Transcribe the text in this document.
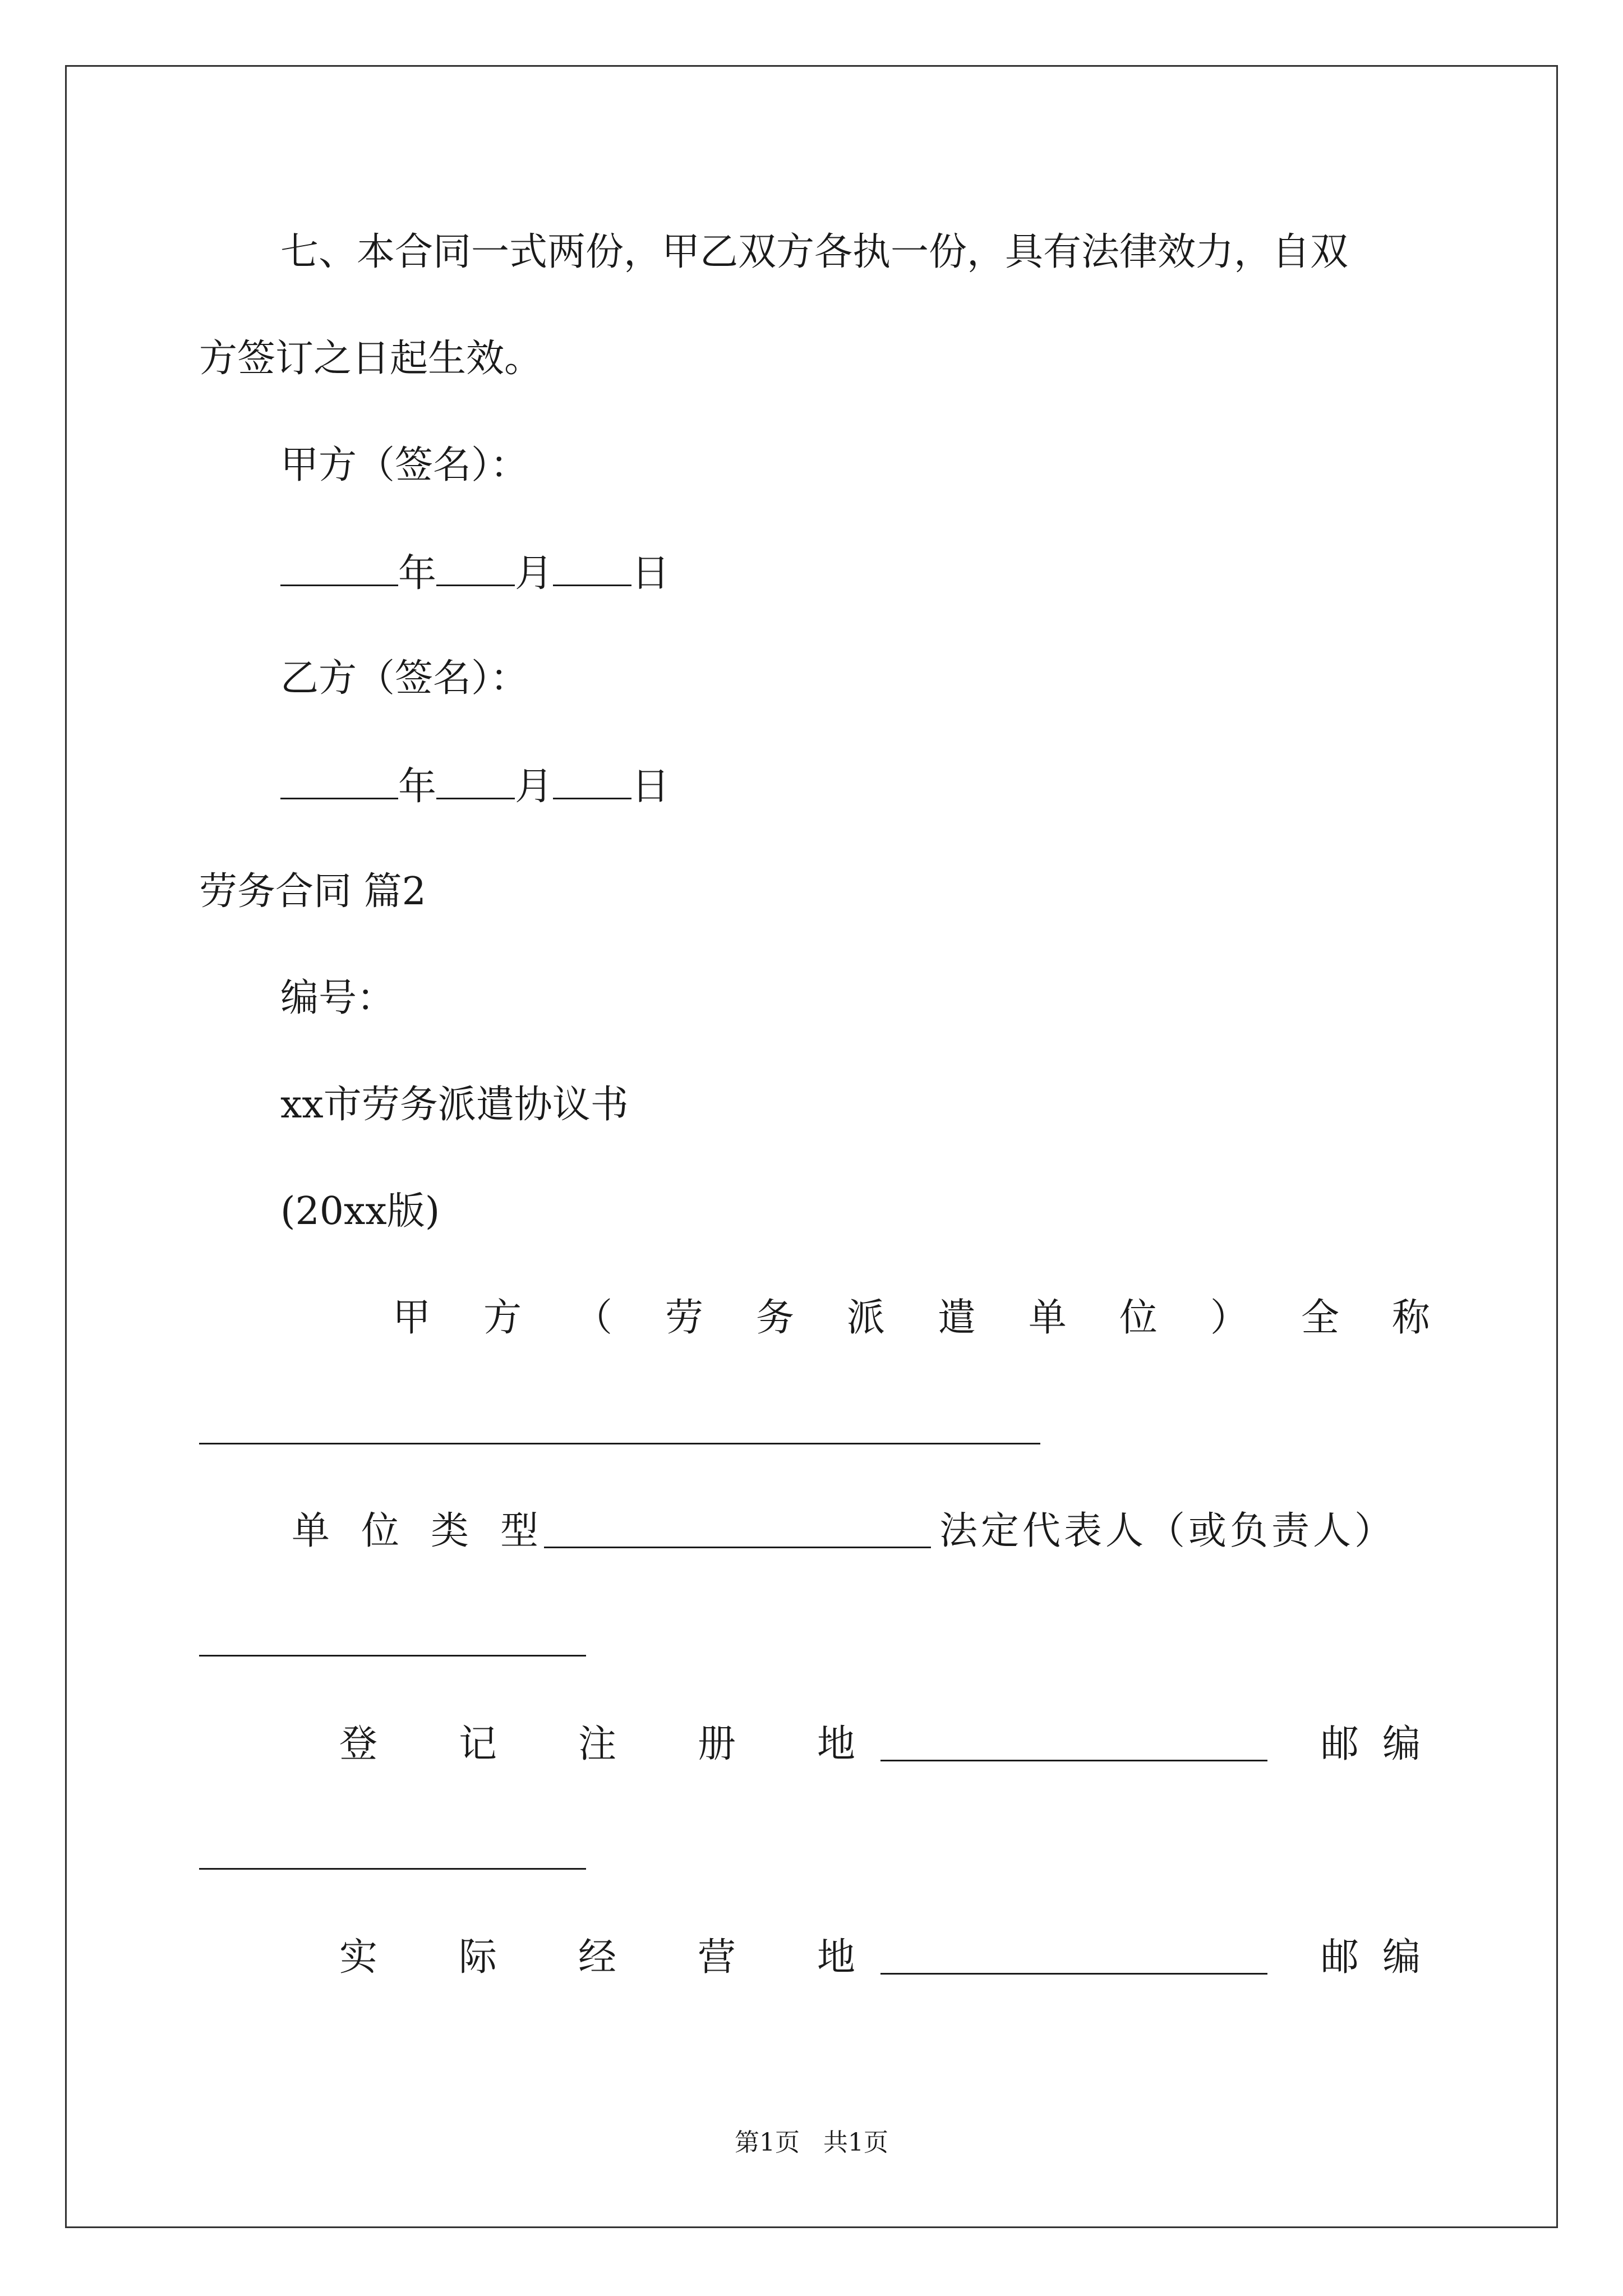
七、本合同一式两份，甲乙双方各执一份，具有法律效力，自双
方签订之日起生效。
甲方（签名）：
年 月 日
乙方（签名）：
年 月 日
劳务合同 篇2
编号：
xx市劳务派遣协议书
(20xx版)
甲 方 （ 劳 务 派 遣 单 位 ） 全 称
单 位 类 型	法定代表人（或负责人）
登 记 注 册 地	邮编
实 际 经 营 地	邮编
第1页   共1页
